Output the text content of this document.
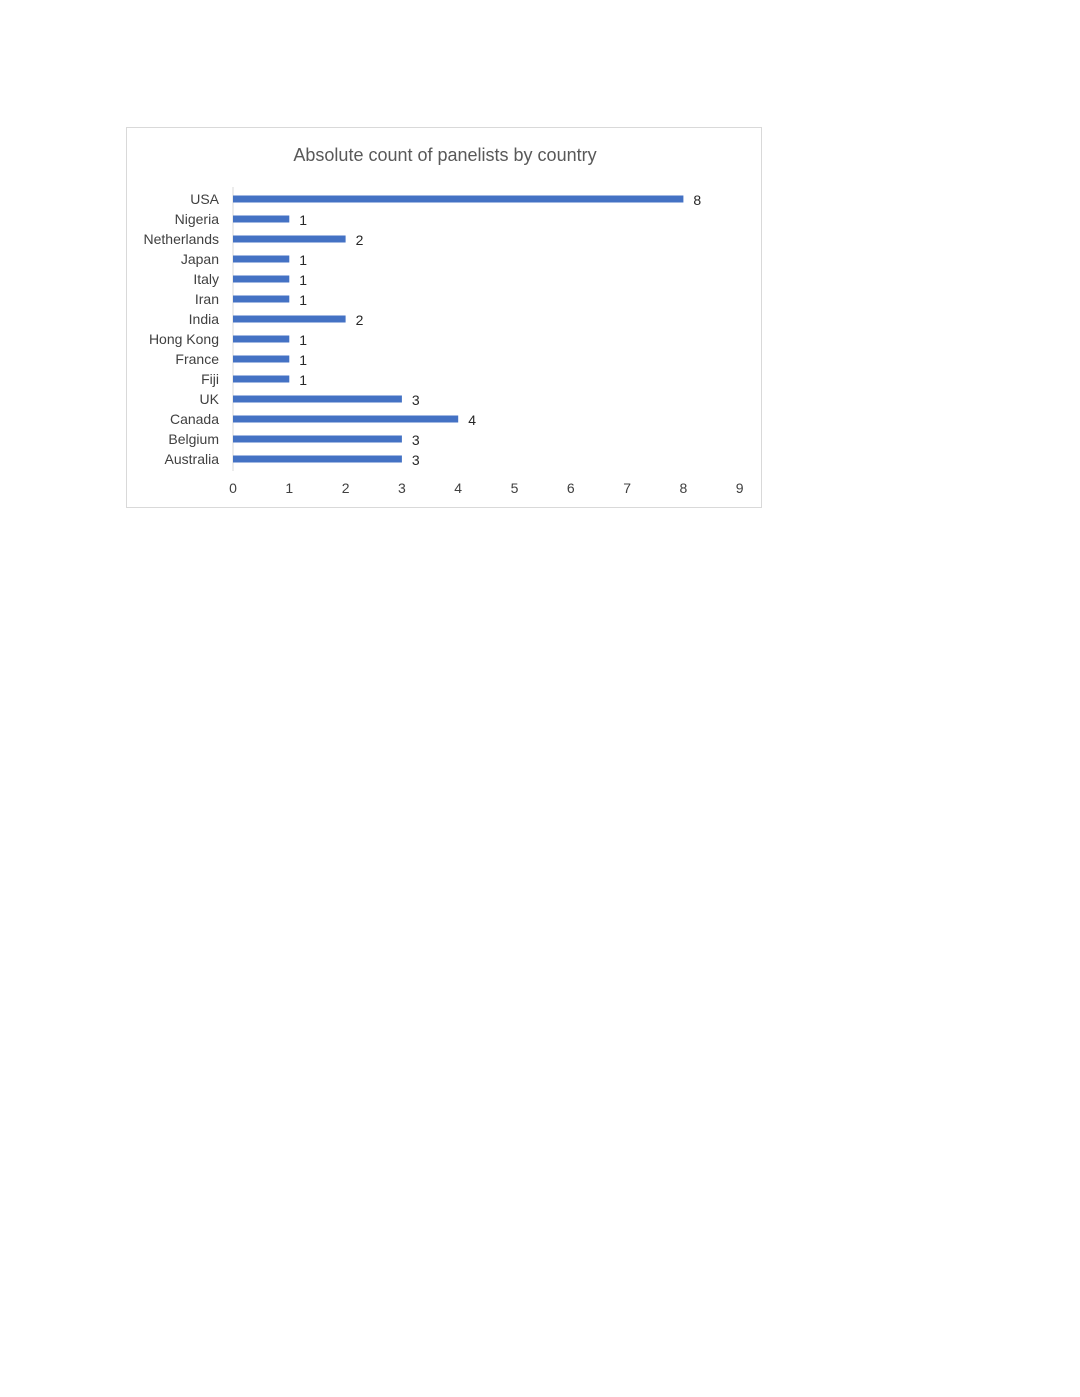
Absolute count of panelists by country
USA
Nigeria
Netherlands
Japan
Italy
Iran
India
Hong Kong
France
Fiji
UK
Canada
Belgium
Australia
8
1
2
1
1
1
2
1
1
1
3
4
3
3
0	1	2	3	4	5	6	7	8	9
